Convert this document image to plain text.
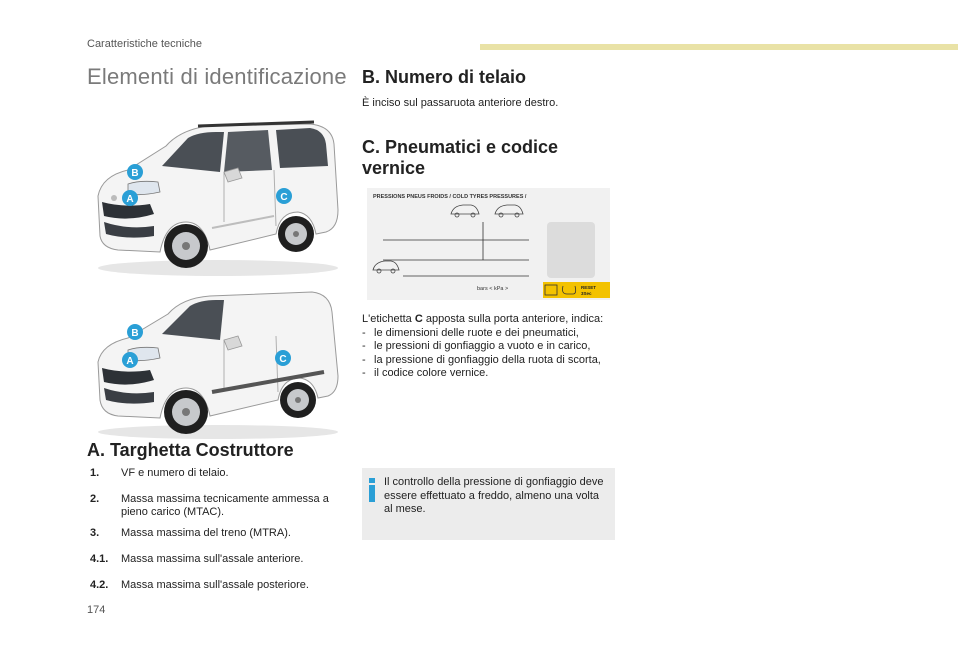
Caratteristiche tecniche
Elementi di identificazione
B
A	C
B
A	C
A. Targhetta Costruttore
1. VF e numero di telaio.
2. Massa massima tecnicamente ammessa a pieno carico (MTAC).
3. Massa massima del treno (MTRA).
4.1. Massa massima sull'assale anteriore.
4.2. Massa massima sull'assale posteriore.
B. Numero di telaio
È inciso sul passaruota anteriore destro.
C. Pneumatici e codice
vernice
PRESSIONS PNEUS FROIDS / COLD TYRES PRESSURES /
bars < kPa >	RESET
3Sec
L'etichetta C apposta sulla porta anteriore, indica:
- le dimensioni delle ruote e dei pneumatici,
- le pressioni di gonfiaggio a vuoto e in carico,
- la pressione di gonfiaggio della ruota di scorta,
- il codice colore vernice.
Il controllo della pressione di gonfiaggio deve essere effettuato a freddo, almeno una volta al mese.
174
